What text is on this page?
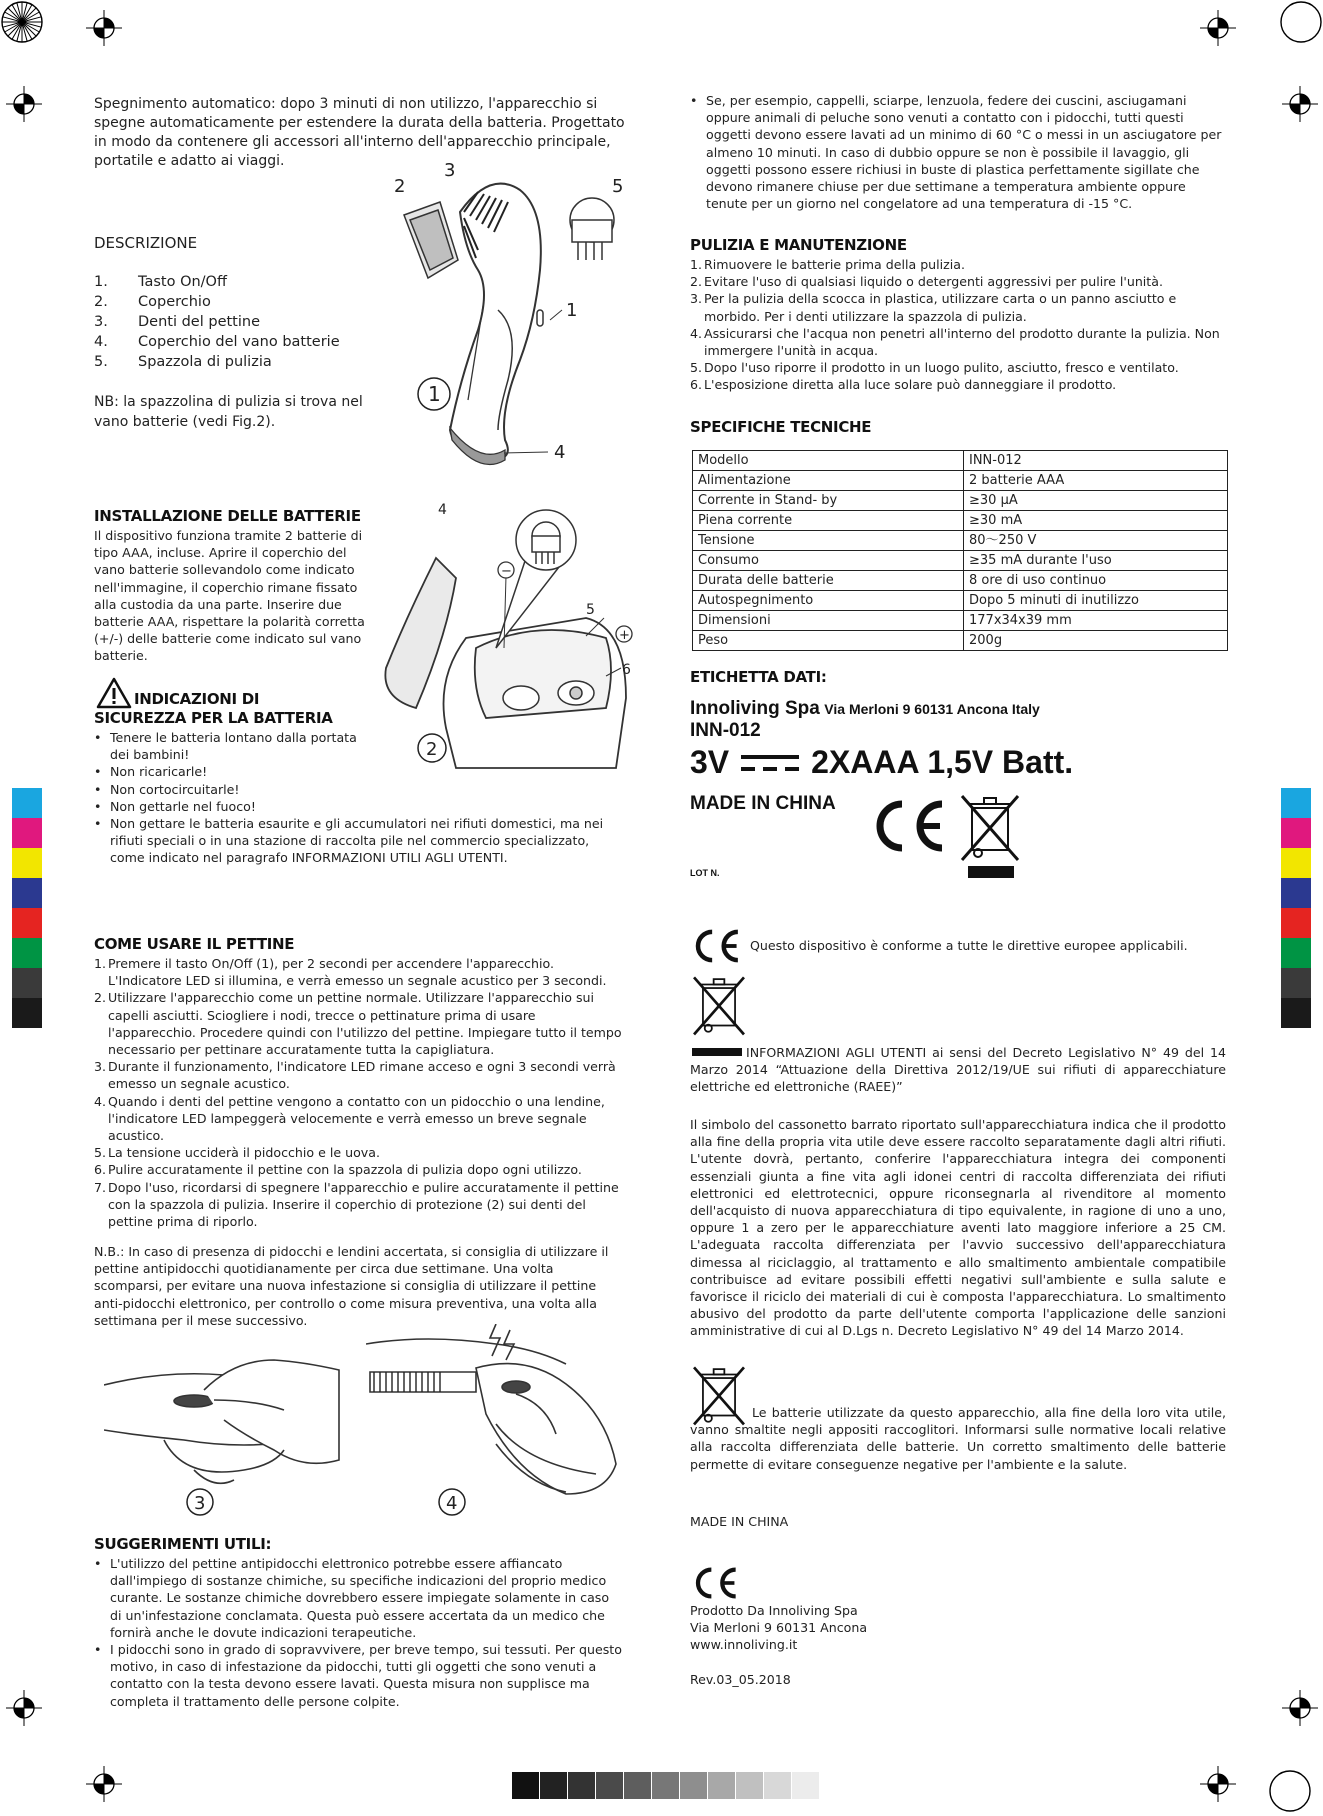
Spegnimento automatico: dopo 3 minuti di non utilizzo, l'apparecchio si spegne automaticamente per estendere la durata della batteria. Progettato in modo da contenere gli accessori all'interno dell'apparecchio principale, portatile e adatto ai viaggi.

DESCRIZIONE
1.	Tasto On/Off
2.	Coperchio
3.	Denti del pettine
4.	Coperchio del vano batterie
5.	Spazzola di pulizia

NB: la spazzolina di pulizia si trova nel vano batterie (vedi Fig.2).

2
3
5
1
4
1
INSTALLAZIONE DELLE BATTERIE

Il dispositivo funziona tramite 2 batterie di tipo AAA, incluse. Aprire il coperchio del vano batterie sollevandolo come indicato nell'immagine, il coperchio rimane fissato alla custodia da una parte. Inserire due batterie AAA, rispettare la polarità corretta (+/-) delle batterie come indicato sul vano batterie.

−
+
4
5
6
2
INDICAZIONI DI
SICUREZZA PER LA BATTERIA
• Tenere le batteria lontano dalla portata dei bambini!
• Non ricaricarle!
• Non cortocircuitarle!
• Non gettarle nel fuoco!
• Non gettare le batteria esaurite e gli accumulatori nei rifiuti domestici, ma nei rifiuti speciali o in una stazione di raccolta pile nel commercio specializzato, come indicato nel paragrafo INFORMAZIONI UTILI AGLI UTENTI.
COME USARE IL PETTINE
1. Premere il tasto On/Off (1), per 2 secondi per accendere l'apparecchio. L'Indicatore LED si illumina, e verrà emesso un segnale acustico per 3 secondi.
2. Utilizzare l'apparecchio come un pettine normale. Utilizzare l'apparecchio sui capelli asciutti. Sciogliere i nodi, trecce o pettinature prima di usare l'apparecchio. Procedere quindi con l'utilizzo del pettine. Impiegare tutto il tempo necessario per pettinare accuratamente tutta la capigliatura.
3. Durante il funzionamento, l'indicatore LED rimane acceso e ogni 3 secondi verrà emesso un segnale acustico.
4. Quando i denti del pettine vengono a contatto con un pidocchio o una lendine, l'indicatore LED lampeggerà velocemente e verrà emesso un breve segnale acustico.
5. La tensione ucciderà il pidocchio e le uova.
6. Pulire accuratamente il pettine con la spazzola di pulizia dopo ogni utilizzo.
7. Dopo l'uso, ricordarsi di spegnere l'apparecchio e pulire accuratamente il pettine con la spazzola di pulizia. Inserire il coperchio di protezione (2) sui denti del pettine prima di riporlo.

N.B.: In caso di presenza di pidocchi e lendini accertata, si consiglia di utilizzare il pettine antipidocchi quotidianamente per circa due settimane. Una volta scomparsi, per evitare una nuova infestazione si consiglia di utilizzare il pettine anti-pidocchi elettronico, per controllo o come misura preventiva, una volta alla settimana per il mese successivo.

3	4
SUGGERIMENTI UTILI:
• L'utilizzo del pettine antipidocchi elettronico potrebbe essere affiancato dall'impiego di sostanze chimiche, su specifiche indicazioni del proprio medico curante. Le sostanze chimiche dovrebbero essere impiegate solamente in caso di un'infestazione conclamata. Questa può essere accertata da un medico che fornirà anche le dovute indicazioni terapeutiche.
• I pidocchi sono in grado di sopravvivere, per breve tempo, sui tessuti. Per questo motivo, in caso di infestazione da pidocchi, tutti gli oggetti che sono venuti a contatto con la testa devono essere lavati. Questa misura non supplisce ma completa il trattamento delle persone colpite.
• Se, per esempio, cappelli, sciarpe, lenzuola, federe dei cuscini, asciugamani oppure animali di peluche sono venuti a contatto con i pidocchi, tutti questi oggetti devono essere lavati ad un minimo di 60 °C o messi in un asciugatore per almeno 10 minuti. In caso di dubbio oppure se non è possibile il lavaggio, gli oggetti possono essere richiusi in buste di plastica perfettamente sigillate che devono rimanere chiuse per due settimane a temperatura ambiente oppure tenute per un giorno nel congelatore ad una temperatura di -15 °C.
PULIZIA E MANUTENZIONE
1. Rimuovere le batterie prima della pulizia.
2. Evitare l'uso di qualsiasi liquido o detergenti aggressivi per pulire l'unità.
3. Per la pulizia della scocca in plastica, utilizzare carta o un panno asciutto e morbido. Per i denti utilizzare la spazzola di pulizia.
4. Assicurarsi che l'acqua non penetri all'interno del prodotto durante la pulizia. Non immergere l'unità in acqua.
5. Dopo l'uso riporre il prodotto in un luogo pulito, asciutto, fresco e ventilato.
6. L'esposizione diretta alla luce solare può danneggiare il prodotto.
SPECIFICHE TECNICHE
Modello	INN-012
Alimentazione	2 batterie AAA
Corrente in Stand- by	≥30 µA
Piena corrente	≥30 mA
Tensione	80〜250 V
Consumo	≥35 mA durante l'uso
Durata delle batterie	8 ore di uso continuo
Autospegnimento	Dopo 5 minuti di inutilizzo
Dimensioni	177x34x39 mm
Peso	200g
ETICHETTA DATI:
Innoliving Spa Via Merloni 9 60131 Ancona Italy
INN-012
3V	2XAAA 1,5V Batt.
MADE IN CHINA
LOT N.
Questo dispositivo è conforme a tutte le direttive europee applicabili.

INFORMAZIONI AGLI UTENTI ai sensi del Decreto Legislativo N° 49 del 14 Marzo 2014 “Attuazione della Direttiva 2012/19/UE sui rifiuti di apparecchiature elettriche ed elettroniche (RAEE)”

Il simbolo del cassonetto barrato riportato sull'apparecchiatura indica che il prodotto alla fine della propria vita utile deve essere raccolto separatamente dagli altri rifiuti. L'utente dovrà, pertanto, conferire l'apparecchiatura integra dei componenti essenziali giunta a fine vita agli idonei centri di raccolta differenziata dei rifiuti elettronici ed elettrotecnici, oppure riconsegnarla al rivenditore al momento dell'acquisto di nuova apparecchiatura di tipo equivalente, in ragione di uno a uno, oppure 1 a zero per le apparecchiature aventi lato maggiore inferiore a 25 CM. L'adeguata raccolta differenziata per l'avvio successivo dell'apparecchiatura dimessa al riciclaggio, al trattamento e allo smaltimento ambientale compatibile contribuisce ad evitare possibili effetti negativi sull'ambiente e sulla salute e favorisce il riciclo dei materiali di cui è composta l'apparecchiatura. Lo smaltimento abusivo del prodotto da parte dell'utente comporta l'applicazione delle sanzioni amministrative di cui al D.Lgs n. Decreto Legislativo N° 49 del 14 Marzo 2014.

Le batterie utilizzate da questo apparecchio, alla fine della loro vita utile, vanno smaltite negli appositi raccoglitori. Informarsi sulle normative locali relative alla raccolta differenziata delle batterie. Un corretto smaltimento delle batterie permette di evitare conseguenze negative per l'ambiente e la salute.

MADE IN CHINA
Prodotto Da Innoliving Spa
Via Merloni 9 60131 Ancona
www.innoliving.it
Rev.03_05.2018
